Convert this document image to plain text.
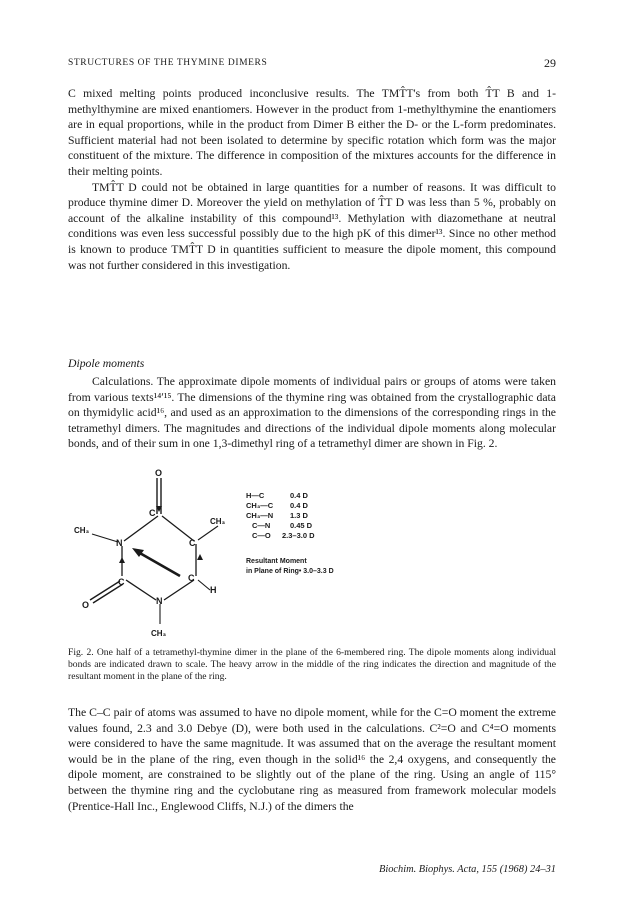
STRUCTURES OF THE THYMINE DIMERS	29

C mixed melting points produced inconclusive results. The TMT̂T's from both T̂T B and 1-methylthymine are mixed enantiomers. However in the product from 1-methylthymine the enantiomers are in equal proportions, while in the product from Dimer B either the D- or the L-form predominates. Sufficient material had not been isolated to determine by specific rotation which form was the major constituent of the mixture. The difference in composition of the mixtures accounts for the difference in their melting points.

TMT̂T D could not be obtained in large quantities for a number of reasons. It was difficult to produce thymine dimer D. Moreover the yield on methylation of T̂T D was less than 5 %, probably on account of the alkaline instability of this compound¹³. Methylation with diazomethane at neutral conditions was even less successful possibly due to the high pK of this dimer¹³. Since no other method is known to produce TMT̂T D in quantities sufficient to measure the dipole moment, this compound was not further considered in this investigation.

Dipole moments

Calculations. The approximate dipole moments of individual pairs or groups of atoms were taken from various texts¹⁴ʹ¹⁵. The dimensions of the thymine ring was obtained from the crystallographic data on thymidylic acid¹⁶, and used as an approximation to the dimensions of the corresponding rings in the tetramethyl dimers. The magnitudes and directions of the individual dipole moments along molecular bonds, and of their sum in one 1,3-dimethyl ring of a tetramethyl dimer are shown in Fig. 2.

O
C
CH₃
N	C
CH₃
C	C
H
O	N
CH₃
H—C	0.4 D
CH₃—C 0.4 D
CH₃—N 1.3 D
C—N	0.45 D
C—O 2.3–3.0 D
Resultant Moment
in Plane of Ring• 3.0–3.3 D

Fig. 2. One half of a tetramethyl-thymine dimer in the plane of the 6-membered ring. The dipole moments along individual bonds are indicated drawn to scale. The heavy arrow in the middle of the ring indicates the direction and magnitude of the resultant moment in the plane of the ring.

The C–C pair of atoms was assumed to have no dipole moment, while for the C=O moment the extreme values found, 2.3 and 3.0 Debye (D), were both used in the calculations. C²=O and C⁴=O moments were considered to have the same magnitude. It was assumed that on the average the resultant moment would be in the plane of the ring, even though in the solid¹⁶ the 2,4 oxygens, and consequently the dipole moment, are constrained to be slightly out of the plane of the ring. Using an angle of 115° between the thymine ring and the cyclobutane ring as measured from framework molecular models (Prentice-Hall Inc., Englewood Cliffs, N.J.) of the dimers the

Biochim. Biophys. Acta, 155 (1968) 24–31
